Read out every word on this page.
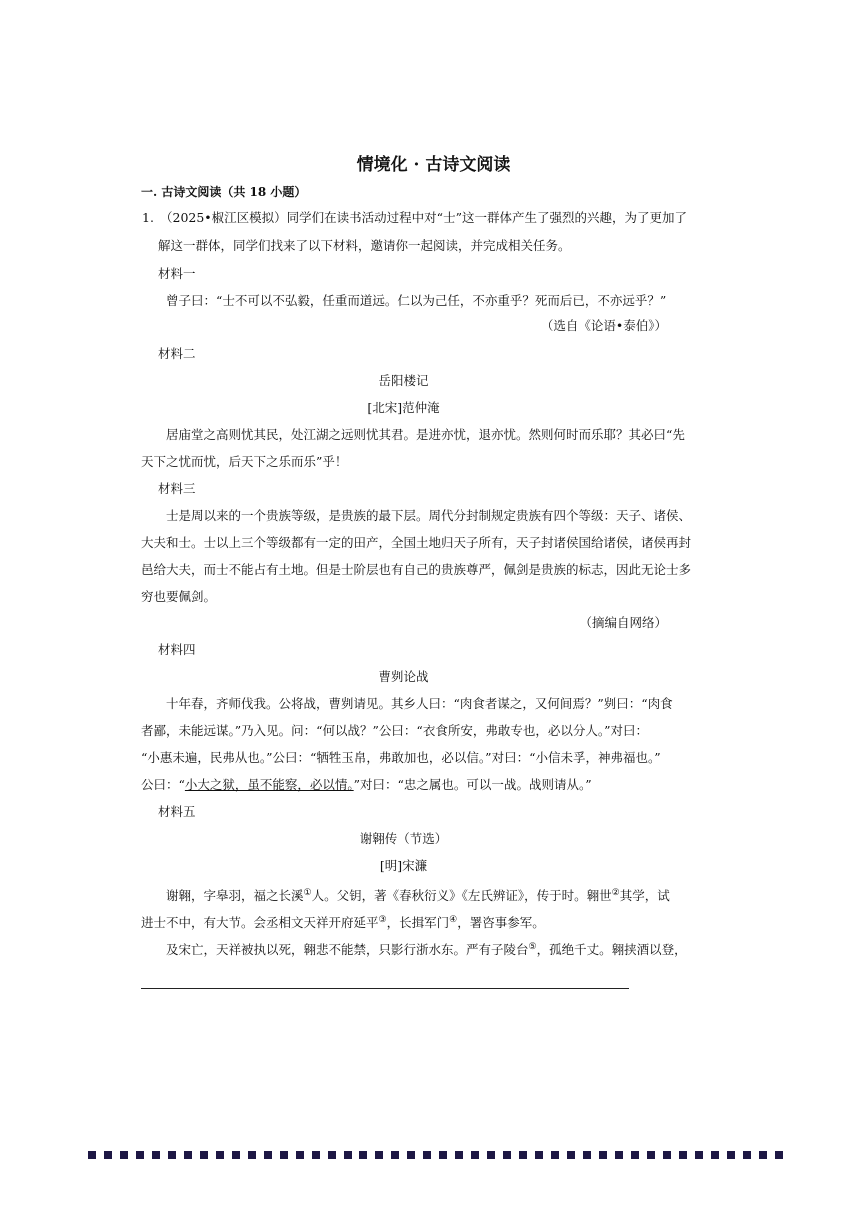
情境化 · 古诗文阅读
一. 古诗文阅读（共 18 小题）
1. （2025•椒江区模拟）同学们在读书活动过程中对“士”这一群体产生了强烈的兴趣，为了更加了
解这一群体，同学们找来了以下材料，邀请你一起阅读，并完成相关任务。
材料一
曾子曰：“士不可以不弘毅，任重而道远。仁以为己任，不亦重乎？死而后已，不亦远乎？”
（选自《论语•泰伯》）
材料二
岳阳楼记
[北宋]范仲淹
居庙堂之高则忧其民，处江湖之远则忧其君。是进亦忧，退亦忧。然则何时而乐耶？其必曰“先
天下之忧而忧，后天下之乐而乐”乎！
材料三
士是周以来的一个贵族等级，是贵族的最下层。周代分封制规定贵族有四个等级：天子、诸侯、
大夫和士。士以上三个等级都有一定的田产，全国土地归天子所有，天子封诸侯国给诸侯，诸侯再封
邑给大夫，而士不能占有土地。但是士阶层也有自己的贵族尊严，佩剑是贵族的标志，因此无论士多
穷也要佩剑。
（摘编自网络）
材料四
曹刿论战
十年春，齐师伐我。公将战，曹刿请见。其乡人曰：“肉食者谋之，又何间焉？”刿曰：“肉食
者鄙，未能远谋。”乃入见。问：“何以战？”公曰：“衣食所安，弗敢专也，必以分人。”对曰：
“小惠未遍，民弗从也。”公曰：“牺牲玉帛，弗敢加也，必以信。”对曰：“小信未孚，神弗福也。”
公曰：“小大之狱，虽不能察，必以情。”对曰：“忠之属也。可以一战。战则请从。”
材料五
谢翱传（节选）
[明]宋濂
谢翱，字皋羽，福之长溪①人。父钥，著《春秋衍义》《左氏辨证》，传于时。翱世②其学，试
进士不中，有大节。会丞相文天祥开府延平③，长揖军门④，署咨事参军。
及宋亡，天祥被执以死，翱悲不能禁，只影行浙水东。严有子陵台⑤，孤绝千丈。翱挟酒以登，
